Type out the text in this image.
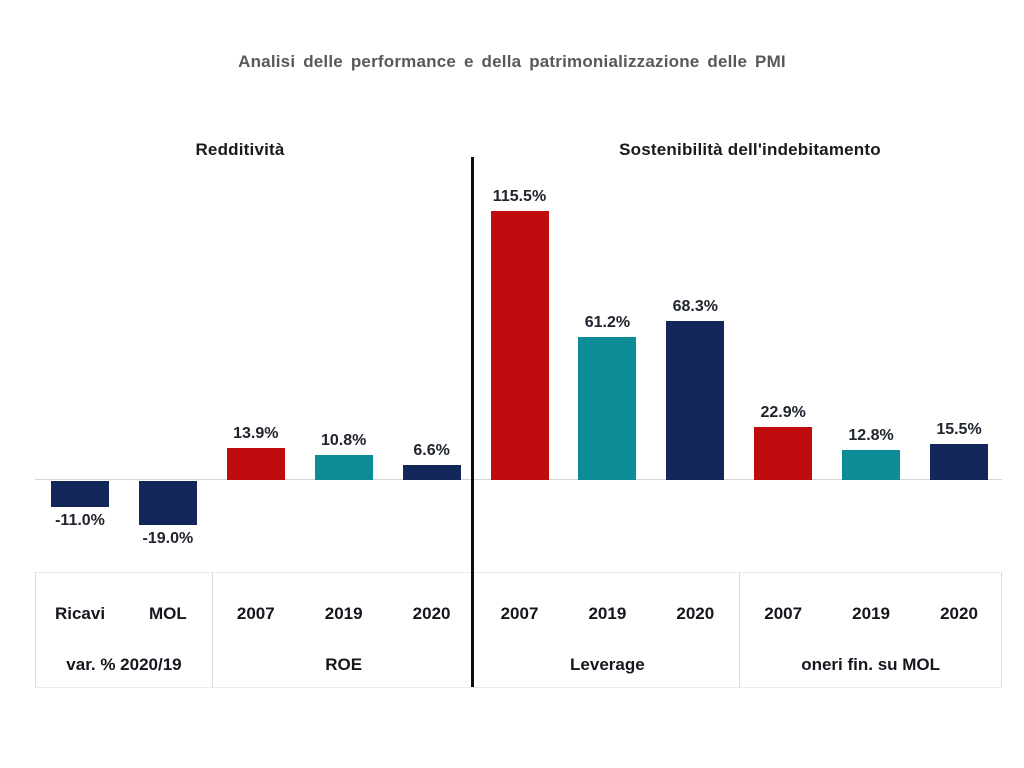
Analisi delle performance e della patrimonializzazione delle PMI
Redditività	Sostenibilità dell'indebitamento
-11.0%
Ricavi
-19.0%
MOL
var. % 2020/19
13.9%
2007
10.8%
2019
6.6%
2020
ROE
115.5%
2007
61.2%
2019
68.3%
2020
Leverage
22.9%
2007
12.8%
2019
15.5%
2020
oneri fin. su MOL
